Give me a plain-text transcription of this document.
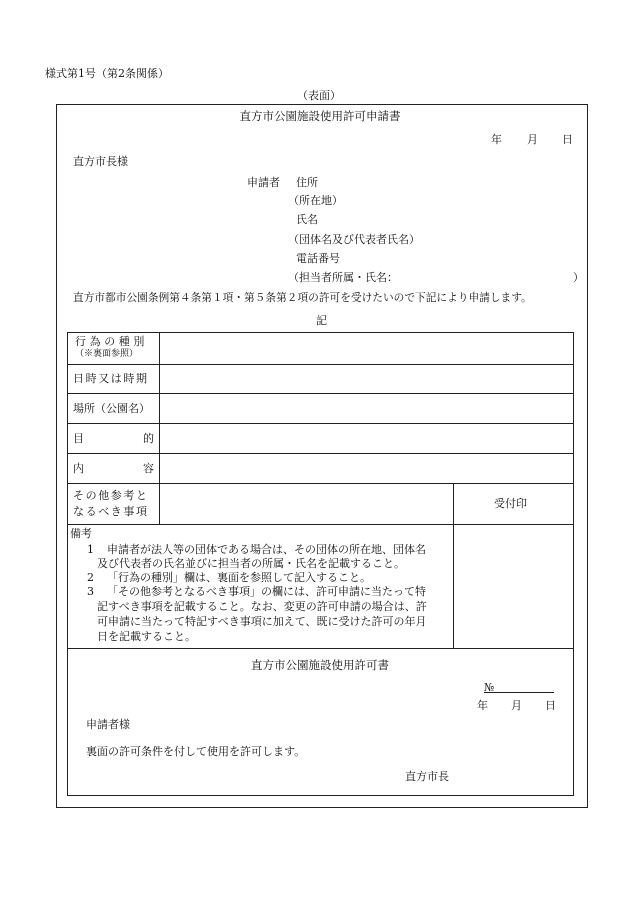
様式第1号（第2条関係）
（表面）
直方市公園施設使用許可申請書
年 月 日
直方市長様
申請者 住所
（所在地）
氏名
（団体名及び代表者氏名）
電話番号
（担当者所属・氏名：	）
直方市都市公園条例第４条第１項・第５条第２項の許可を受けたいので下記により申請します。
記
行為の種別
（※裏面参照）
日時又は時期
場所（公園名）
目	的
内	容
その他参考と
なるべき事項
受付印
備考
1 申請者が法人等の団体である場合は、その団体の所在地、団体名
及び代表者の氏名並びに担当者の所属・氏名を記載すること。
2 「行為の種別」欄は、裏面を参照して記入すること。
3 「その他参考となるべき事項」の欄には、許可申請に当たって特
記すべき事項を記載すること。なお、変更の許可申請の場合は、許
可申請に当たって特記すべき事項に加えて、既に受けた許可の年月
日を記載すること。
直方市公園施設使用許可書
№
年 月 日
申請者様
裏面の許可条件を付して使用を許可します。
直方市長
